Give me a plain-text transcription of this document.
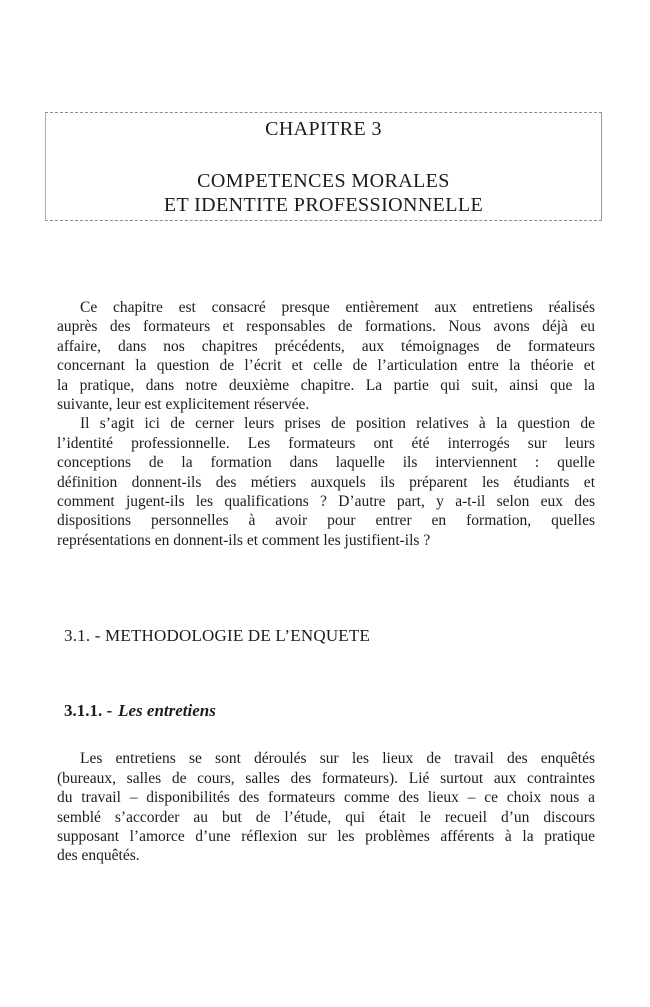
CHAPITRE 3
COMPETENCES MORALES
ET IDENTITE PROFESSIONNELLE

Ce chapitre est consacré presque entièrement aux entretiens réalisés
auprès des formateurs et responsables de formations. Nous avons déjà eu
affaire, dans nos chapitres précédents, aux témoignages de formateurs
concernant la question de l’écrit et celle de l’articulation entre la théorie et
la pratique, dans notre deuxième chapitre. La partie qui suit, ainsi que la
suivante, leur est explicitement réservée.

Il s’agit ici de cerner leurs prises de position relatives à la question de
l’identité professionnelle. Les formateurs ont été interrogés sur leurs
conceptions de la formation dans laquelle ils interviennent : quelle
définition donnent-ils des métiers auxquels ils préparent les étudiants et
comment jugent-ils les qualifications ? D’autre part, y a-t-il selon eux des
dispositions personnelles à avoir pour entrer en formation, quelles
représentations en donnent-ils et comment les justifient-ils ?

3.1. - METHODOLOGIE DE L’ENQUETE
3.1.1. - Les entretiens

Les entretiens se sont déroulés sur les lieux de travail des enquêtés
(bureaux, salles de cours, salles des formateurs). Lié surtout aux contraintes
du travail – disponibilités des formateurs comme des lieux – ce choix nous a
semblé s’accorder au but de l’étude, qui était le recueil d’un discours
supposant l’amorce d’une réflexion sur les problèmes afférents à la pratique
des enquêtés.
